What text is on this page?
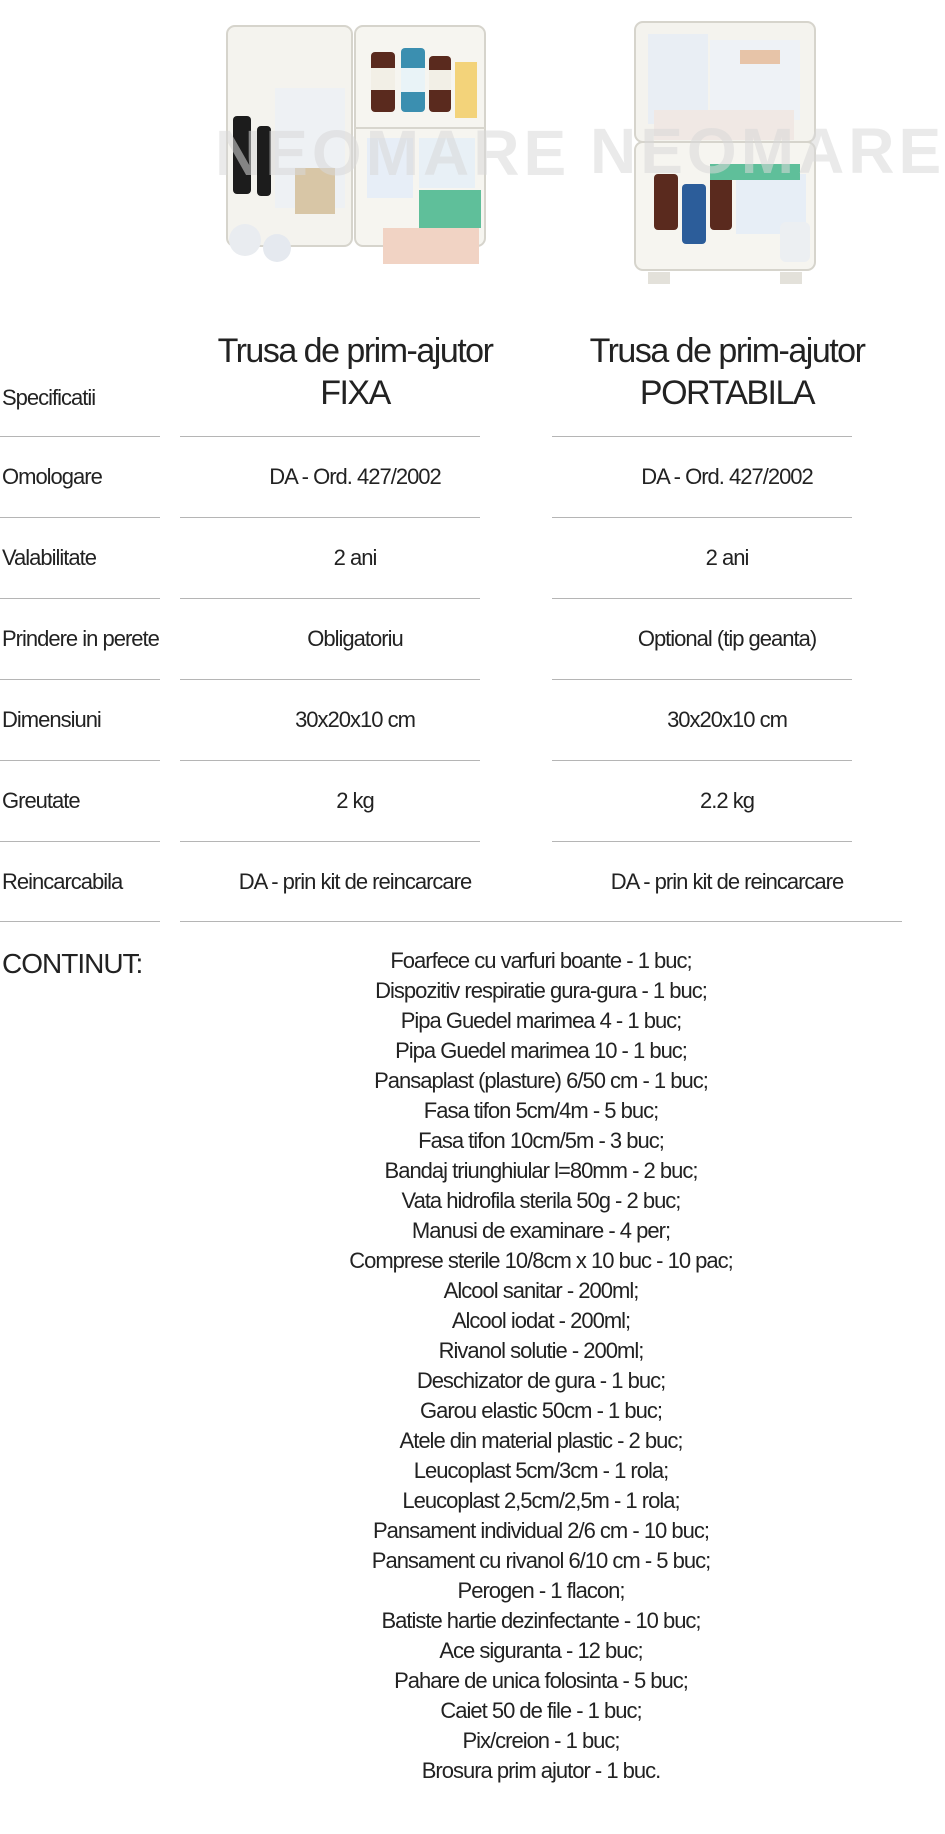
NEOMARE NEOMARE
Trusa de prim-ajutor
FIXA
Trusa de prim-ajutor
PORTABILA
Specificatii
Omologare	DA - Ord. 427/2002	DA - Ord. 427/2002
Valabilitate	2 ani	2 ani
Prindere in perete	Obligatoriu	Optional (tip geanta)
Dimensiuni	30x20x10 cm	30x20x10 cm
Greutate	2 kg	2.2 kg
Reincarcabila	DA - prin kit de reincarcare	DA - prin kit de reincarcare
CONTINUT:	Foarfece cu varfuri boante - 1 buc;
Dispozitiv respiratie gura-gura - 1 buc;
Pipa Guedel marimea 4 - 1 buc;
Pipa Guedel marimea 10 - 1 buc;
Pansaplast (plasture) 6/50 cm - 1 buc;
Fasa tifon 5cm/4m - 5 buc;
Fasa tifon 10cm/5m - 3 buc;
Bandaj triunghiular l=80mm - 2 buc;
Vata hidrofila sterila 50g - 2 buc;
Manusi de examinare - 4 per;
Comprese sterile 10/8cm x 10 buc - 10 pac;
Alcool sanitar - 200ml;
Alcool iodat - 200ml;
Rivanol solutie - 200ml;
Deschizator de gura - 1 buc;
Garou elastic 50cm - 1 buc;
Atele din material plastic - 2 buc;
Leucoplast 5cm/3cm - 1 rola;
Leucoplast 2,5cm/2,5m - 1 rola;
Pansament individual 2/6 cm - 10 buc;
Pansament cu rivanol 6/10 cm - 5 buc;
Perogen - 1 flacon;
Batiste hartie dezinfectante - 10 buc;
Ace siguranta - 12 buc;
Pahare de unica folosinta - 5 buc;
Caiet 50 de file - 1 buc;
Pix/creion - 1 buc;
Brosura prim ajutor - 1 buc.
